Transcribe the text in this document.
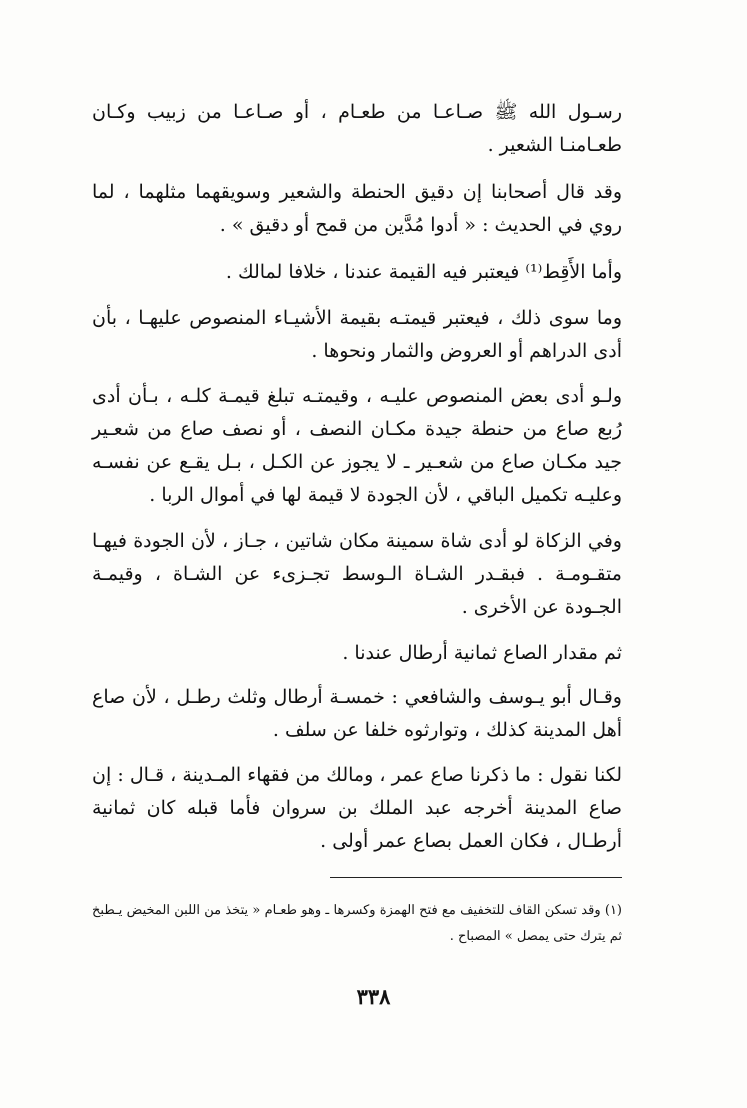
رسـول الله ﷺ صـاعـا من طعـام ، أو صـاعـا من زبيب وكـان طعـامنـا الشعير .

وقد قال أصحابنا إن دقيق الحنطة والشعير وسويقهما مثلهما ، لما روي في الحديث : « أدوا مُدَّين من قمح أو دقيق » .

وأما الأَقِط⁽¹⁾ فيعتبر فيه القيمة عندنا ، خلافا لمالك .

وما سوى ذلك ، فيعتبر قيمتـه بقيمة الأشيـاء المنصوص عليهـا ، بأن أدى الدراهم أو العروض والثمار ونحوها .

ولـو أدى بعض المنصوص عليـه ، وقيمتـه تبلغ قيمـة كلـه ، بـأن أدى رُبع صاع من حنطة جيدة مكـان النصف ، أو نصف صاع من شعـير جيد مكـان صاع من شعـير ـ لا يجوز عن الكـل ، بـل يقـع عن نفسـه وعليـه تكميل الباقي ، لأن الجودة لا قيمة لها في أموال الربا .

وفي الزكاة لو أدى شاة سمينة مكان شاتين ، جـاز ، لأن الجودة فيهـا متقـومـة . فبقـدر الشـاة الـوسط تجـزىء عن الشـاة ، وقيمـة الجـودة عن الأخرى .

ثم مقدار الصاع ثمانية أرطال عندنا .

وقـال أبو يـوسف والشافعي : خمسـة أرطال وثلث رطـل ، لأن صاع أهل المدينة كذلك ، وتوارثوه خلفا عن سلف .

لكنا نقول : ما ذكرنا صاع عمر ، ومالك من فقهاء المـدينة ، قـال : إن صاع المدينة أخرجه عبد الملك بن سروان فأما قبله كان ثمانية أرطـال ، فكان العمل بصاع عمر أولى .

(١) وقد تسكن القاف للتخفيف مع فتح الهمزة وكسرها ـ وهو طعـام « يتخذ من اللبن المخيض يـطبخ ثم يترك حتى يمصل » المصباح .

٣٣٨
